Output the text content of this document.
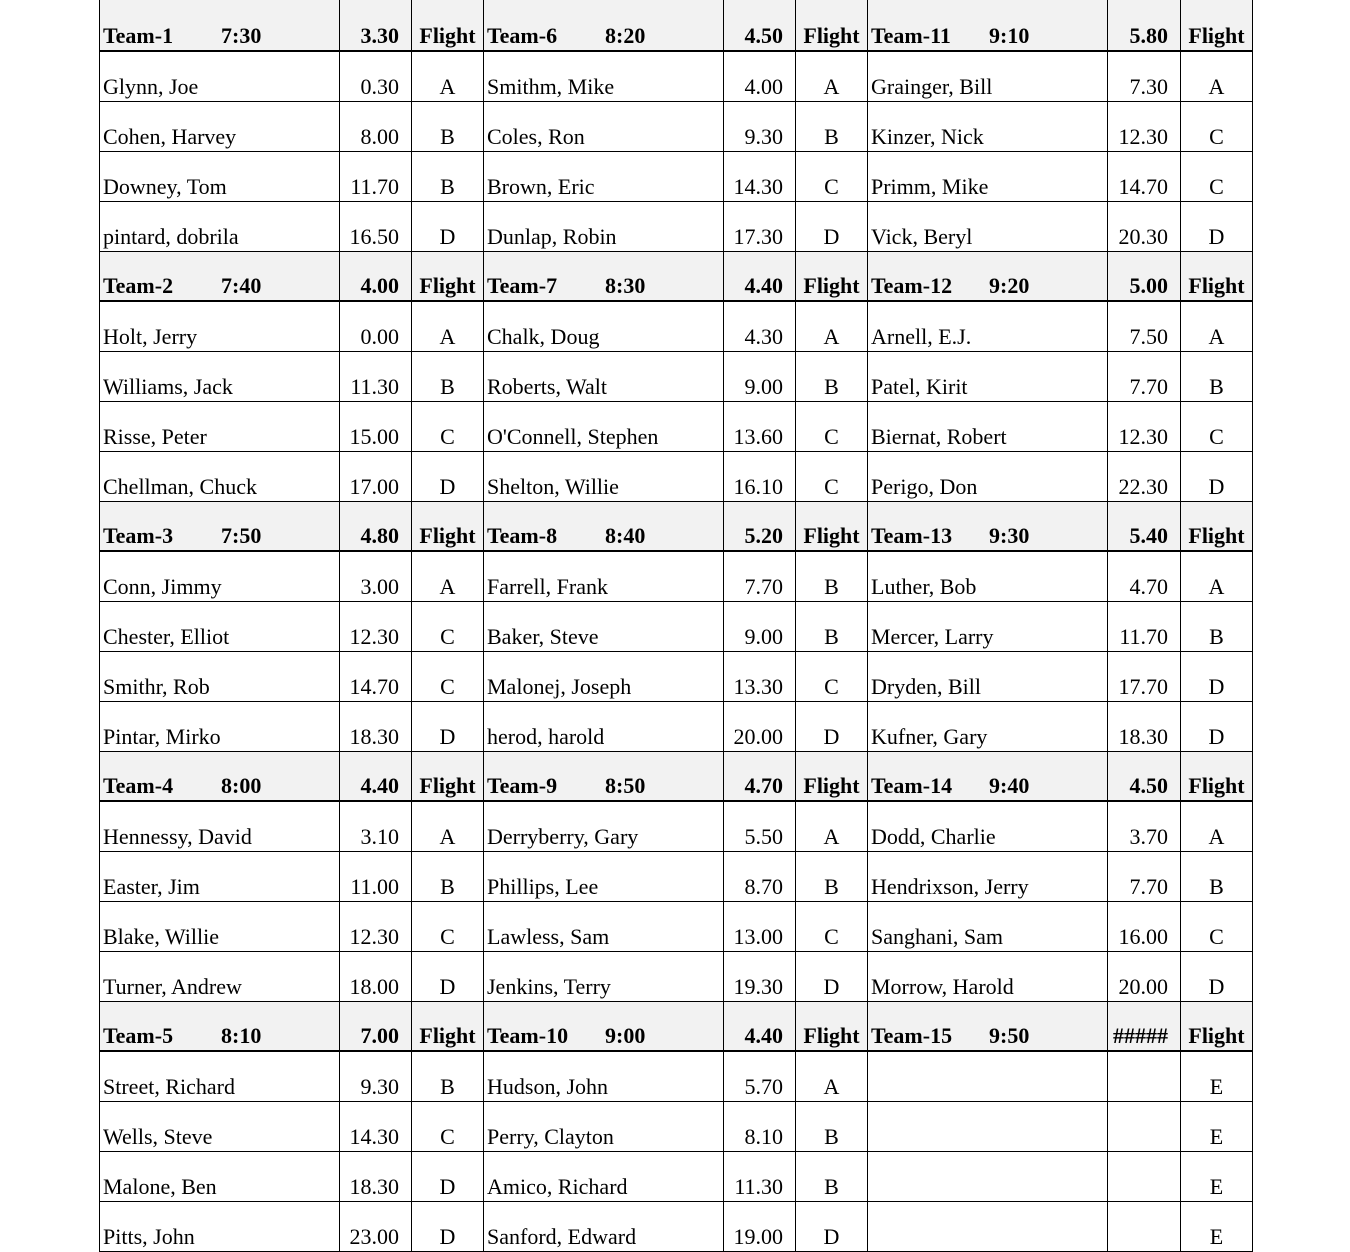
Team-1 7:30	3.30	Flight	Team-6 8:20	4.50	Flight	Team-11 9:10	5.80	Flight
Glynn, Joe	0.30	A	Smithm, Mike	4.00	A	Grainger, Bill	7.30	A
Cohen, Harvey	8.00	B	Coles, Ron	9.30	B	Kinzer, Nick	12.30	C
Downey, Tom	11.70	B	Brown, Eric	14.30	C	Primm, Mike	14.70	C
pintard, dobrila	16.50	D	Dunlap, Robin	17.30	D	Vick, Beryl	20.30	D
Team-2 7:40	4.00	Flight	Team-7 8:30	4.40	Flight	Team-12 9:20	5.00	Flight
Holt, Jerry	0.00	A	Chalk, Doug	4.30	A	Arnell, E.J.	7.50	A
Williams, Jack	11.30	B	Roberts, Walt	9.00	B	Patel, Kirit	7.70	B
Risse, Peter	15.00	C	O'Connell, Stephen	13.60	C	Biernat, Robert	12.30	C
Chellman, Chuck	17.00	D	Shelton, Willie	16.10	C	Perigo, Don	22.30	D
Team-3 7:50	4.80	Flight	Team-8 8:40	5.20	Flight	Team-13 9:30	5.40	Flight
Conn, Jimmy	3.00	A	Farrell, Frank	7.70	B	Luther, Bob	4.70	A
Chester, Elliot	12.30	C	Baker, Steve	9.00	B	Mercer, Larry	11.70	B
Smithr, Rob	14.70	C	Malonej, Joseph	13.30	C	Dryden, Bill	17.70	D
Pintar, Mirko	18.30	D	herod, harold	20.00	D	Kufner, Gary	18.30	D
Team-4 8:00	4.40	Flight	Team-9 8:50	4.70	Flight	Team-14 9:40	4.50	Flight
Hennessy, David	3.10	A	Derryberry, Gary	5.50	A	Dodd, Charlie	3.70	A
Easter, Jim	11.00	B	Phillips, Lee	8.70	B	Hendrixson, Jerry	7.70	B
Blake, Willie	12.30	C	Lawless, Sam	13.00	C	Sanghani, Sam	16.00	C
Turner, Andrew	18.00	D	Jenkins, Terry	19.30	D	Morrow, Harold	20.00	D
Team-5 8:10	7.00	Flight	Team-10 9:00	4.40	Flight	Team-15 9:50	#####	Flight
Street, Richard	9.30	B	Hudson, John	5.70	A			E
Wells, Steve	14.30	C	Perry, Clayton	8.10	B			E
Malone, Ben	18.30	D	Amico, Richard	11.30	B			E
Pitts, John	23.00	D	Sanford, Edward	19.00	D			E
